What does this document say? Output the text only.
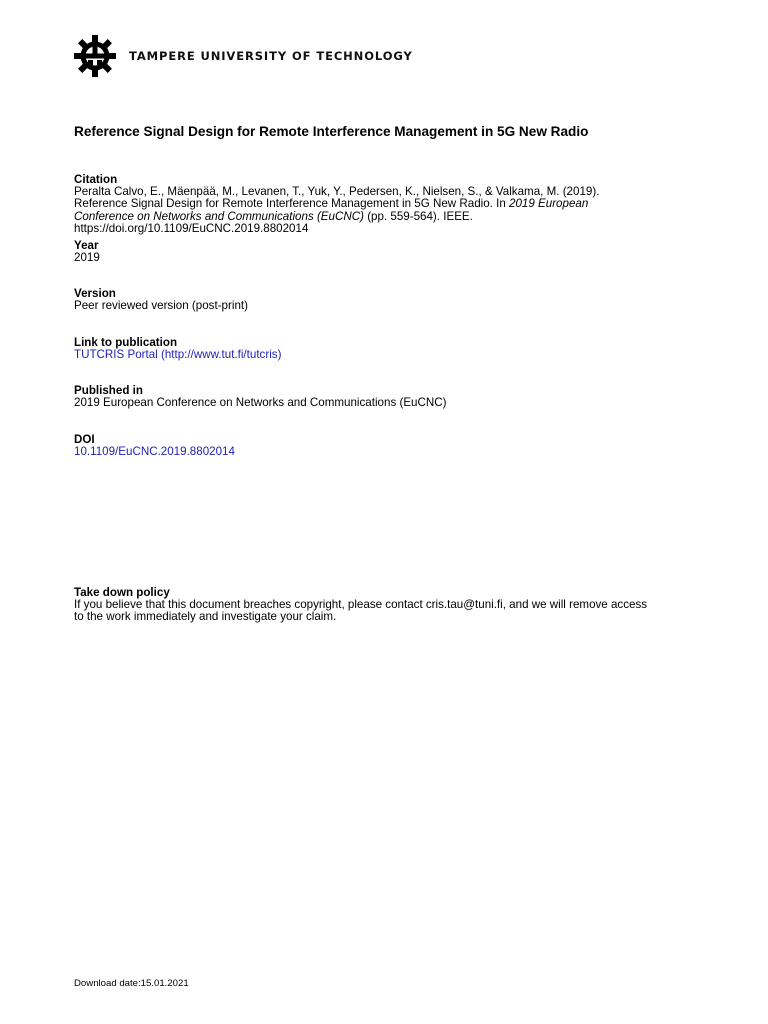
TAMPERE UNIVERSITY OF TECHNOLOGY
Reference Signal Design for Remote Interference Management in 5G New Radio
Citation
Peralta Calvo, E., Mäenpää, M., Levanen, T., Yuk, Y., Pedersen, K., Nielsen, S., & Valkama, M. (2019).
Reference Signal Design for Remote Interference Management in 5G New Radio. In 2019 European
Conference on Networks and Communications (EuCNC) (pp. 559-564). IEEE.
https://doi.org/10.1109/EuCNC.2019.8802014
Year
2019
Version
Peer reviewed version (post-print)
Link to publication
TUTCRIS Portal (http://www.tut.fi/tutcris)
Published in
2019 European Conference on Networks and Communications (EuCNC)
DOI
10.1109/EuCNC.2019.8802014
Take down policy
If you believe that this document breaches copyright, please contact cris.tau@tuni.fi, and we will remove access
to the work immediately and investigate your claim.
Download date:15.01.2021
